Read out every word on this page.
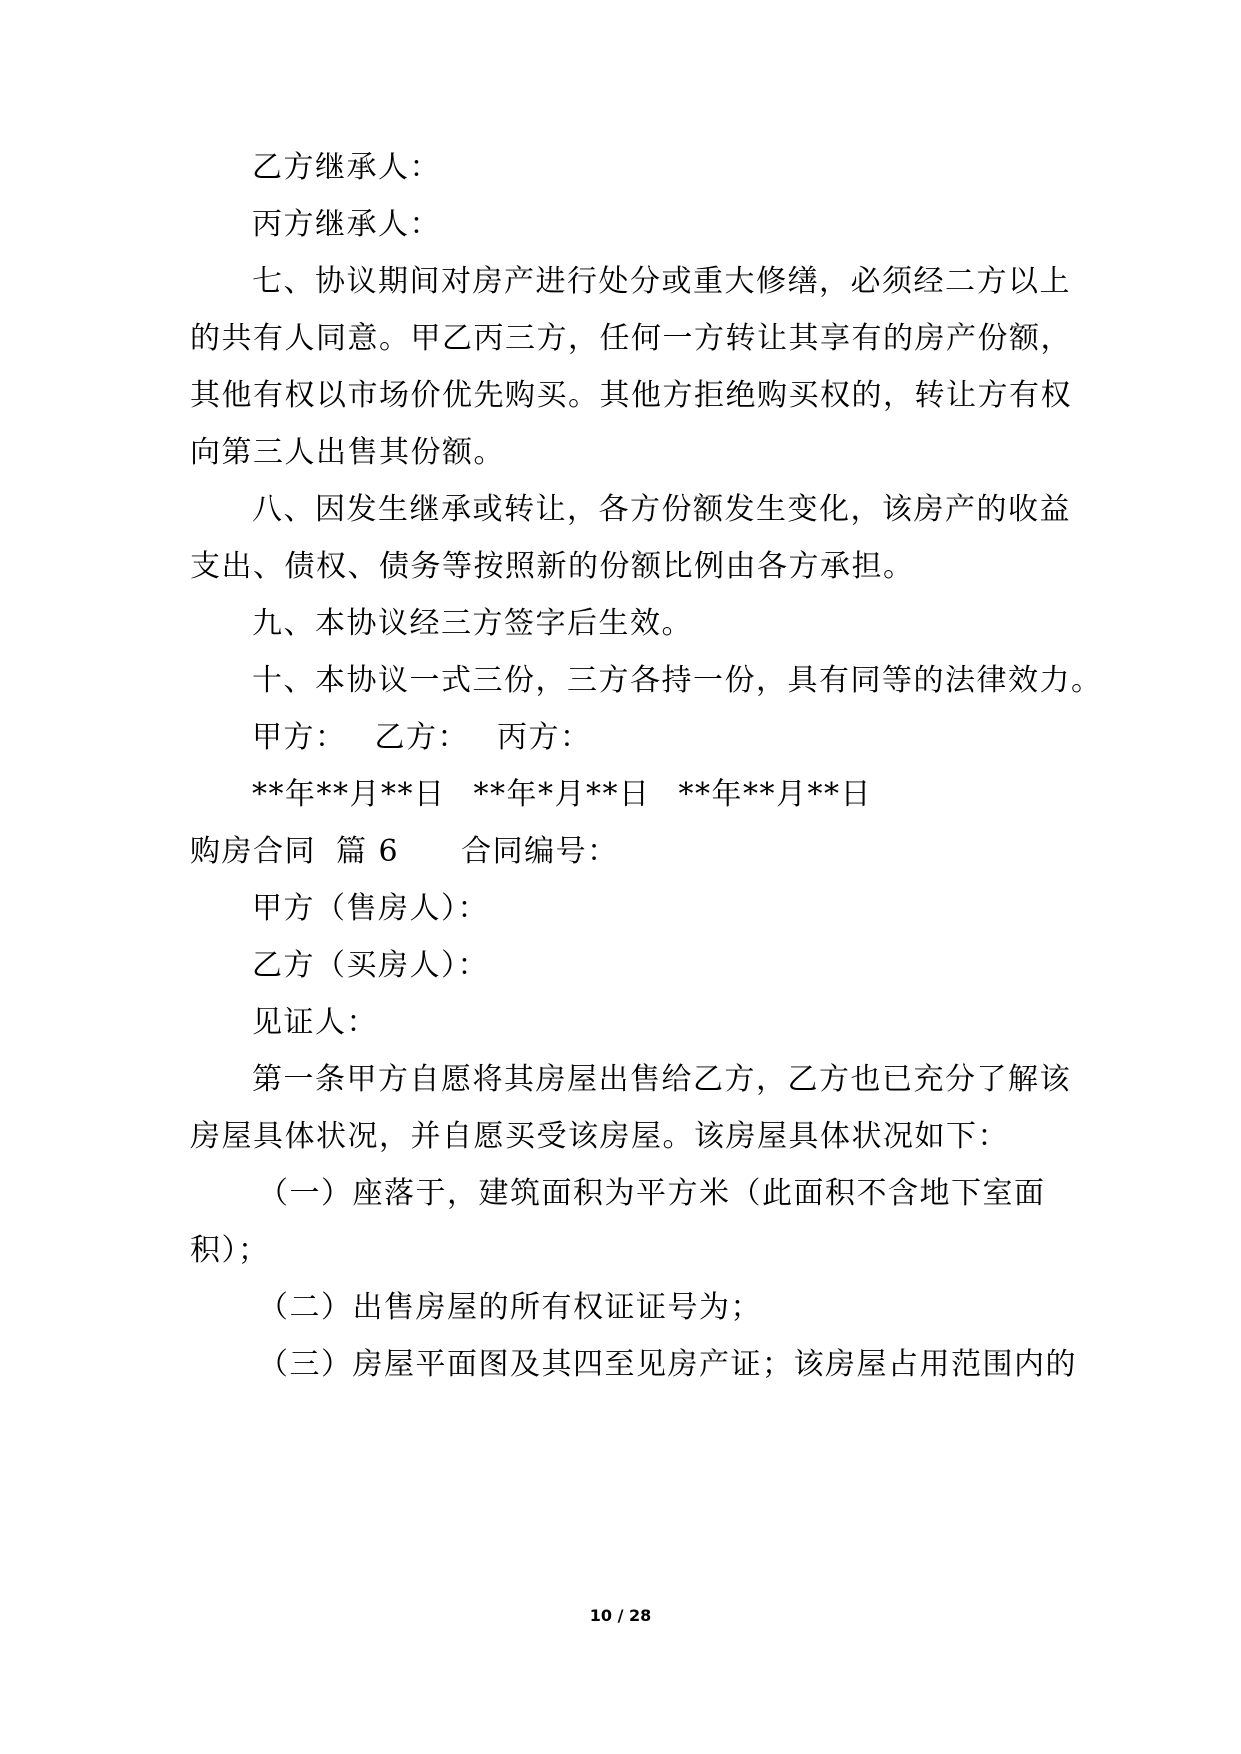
乙方继承人：
丙方继承人：
七、协议期间对房产进行处分或重大修缮，必须经二方以上
的共有人同意。甲乙丙三方，任何一方转让其享有的房产份额，
其他有权以市场价优先购买。其他方拒绝购买权的，转让方有权
向第三人出售其份额。
八、因发生继承或转让，各方份额发生变化，该房产的收益
支出、债权、债务等按照新的份额比例由各方承担。
九、本协议经三方签字后生效。
十、本协议一式三份，三方各持一份，具有同等的法律效力。
甲方： 乙方： 丙方：
**年**月**日 **年*月**日 **年**月**日
购房合同 篇 6 合同编号：
甲方（售房人）：
乙方（买房人）：
见证人：
第一条甲方自愿将其房屋出售给乙方，乙方也已充分了解该
房屋具体状况，并自愿买受该房屋。该房屋具体状况如下：
（一）座落于，建筑面积为平方米（此面积不含地下室面
积）；
（二）出售房屋的所有权证证号为；
（三）房屋平面图及其四至见房产证；该房屋占用范围内的
10 / 28
